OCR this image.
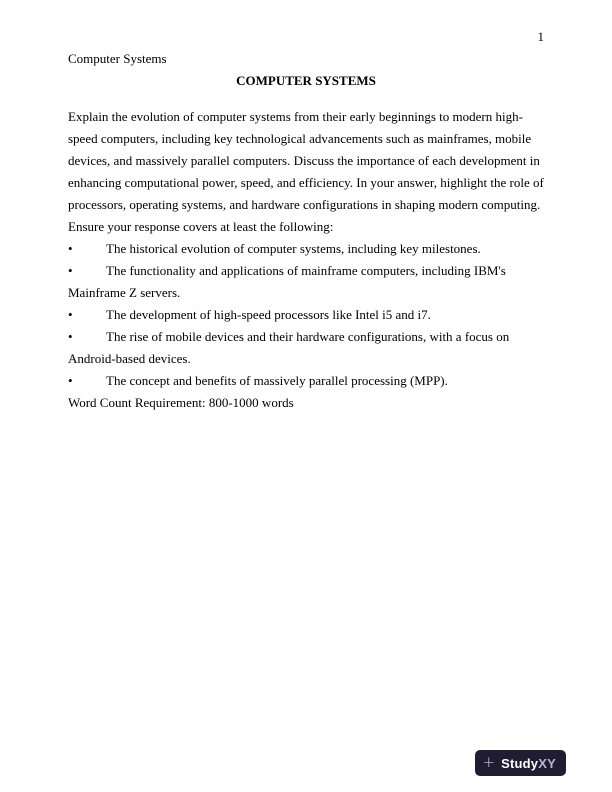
1
Computer Systems
COMPUTER SYSTEMS

Explain the evolution of computer systems from their early beginnings to modern high-speed computers, including key technological advancements such as mainframes, mobile devices, and massively parallel computers. Discuss the importance of each development in enhancing computational power, speed, and efficiency. In your answer, highlight the role of processors, operating systems, and hardware configurations in shaping modern computing. Ensure your response covers at least the following:

•	The historical evolution of computer systems, including key milestones.
•	The functionality and applications of mainframe computers, including IBM's Mainframe Z servers.
•	The development of high-speed processors like Intel i5 and i7.
•	The rise of mobile devices and their hardware configurations, with a focus on Android-based devices.
•	The concept and benefits of massively parallel processing (MPP).

Word Count Requirement: 800-1000 words

+ StudyXY
